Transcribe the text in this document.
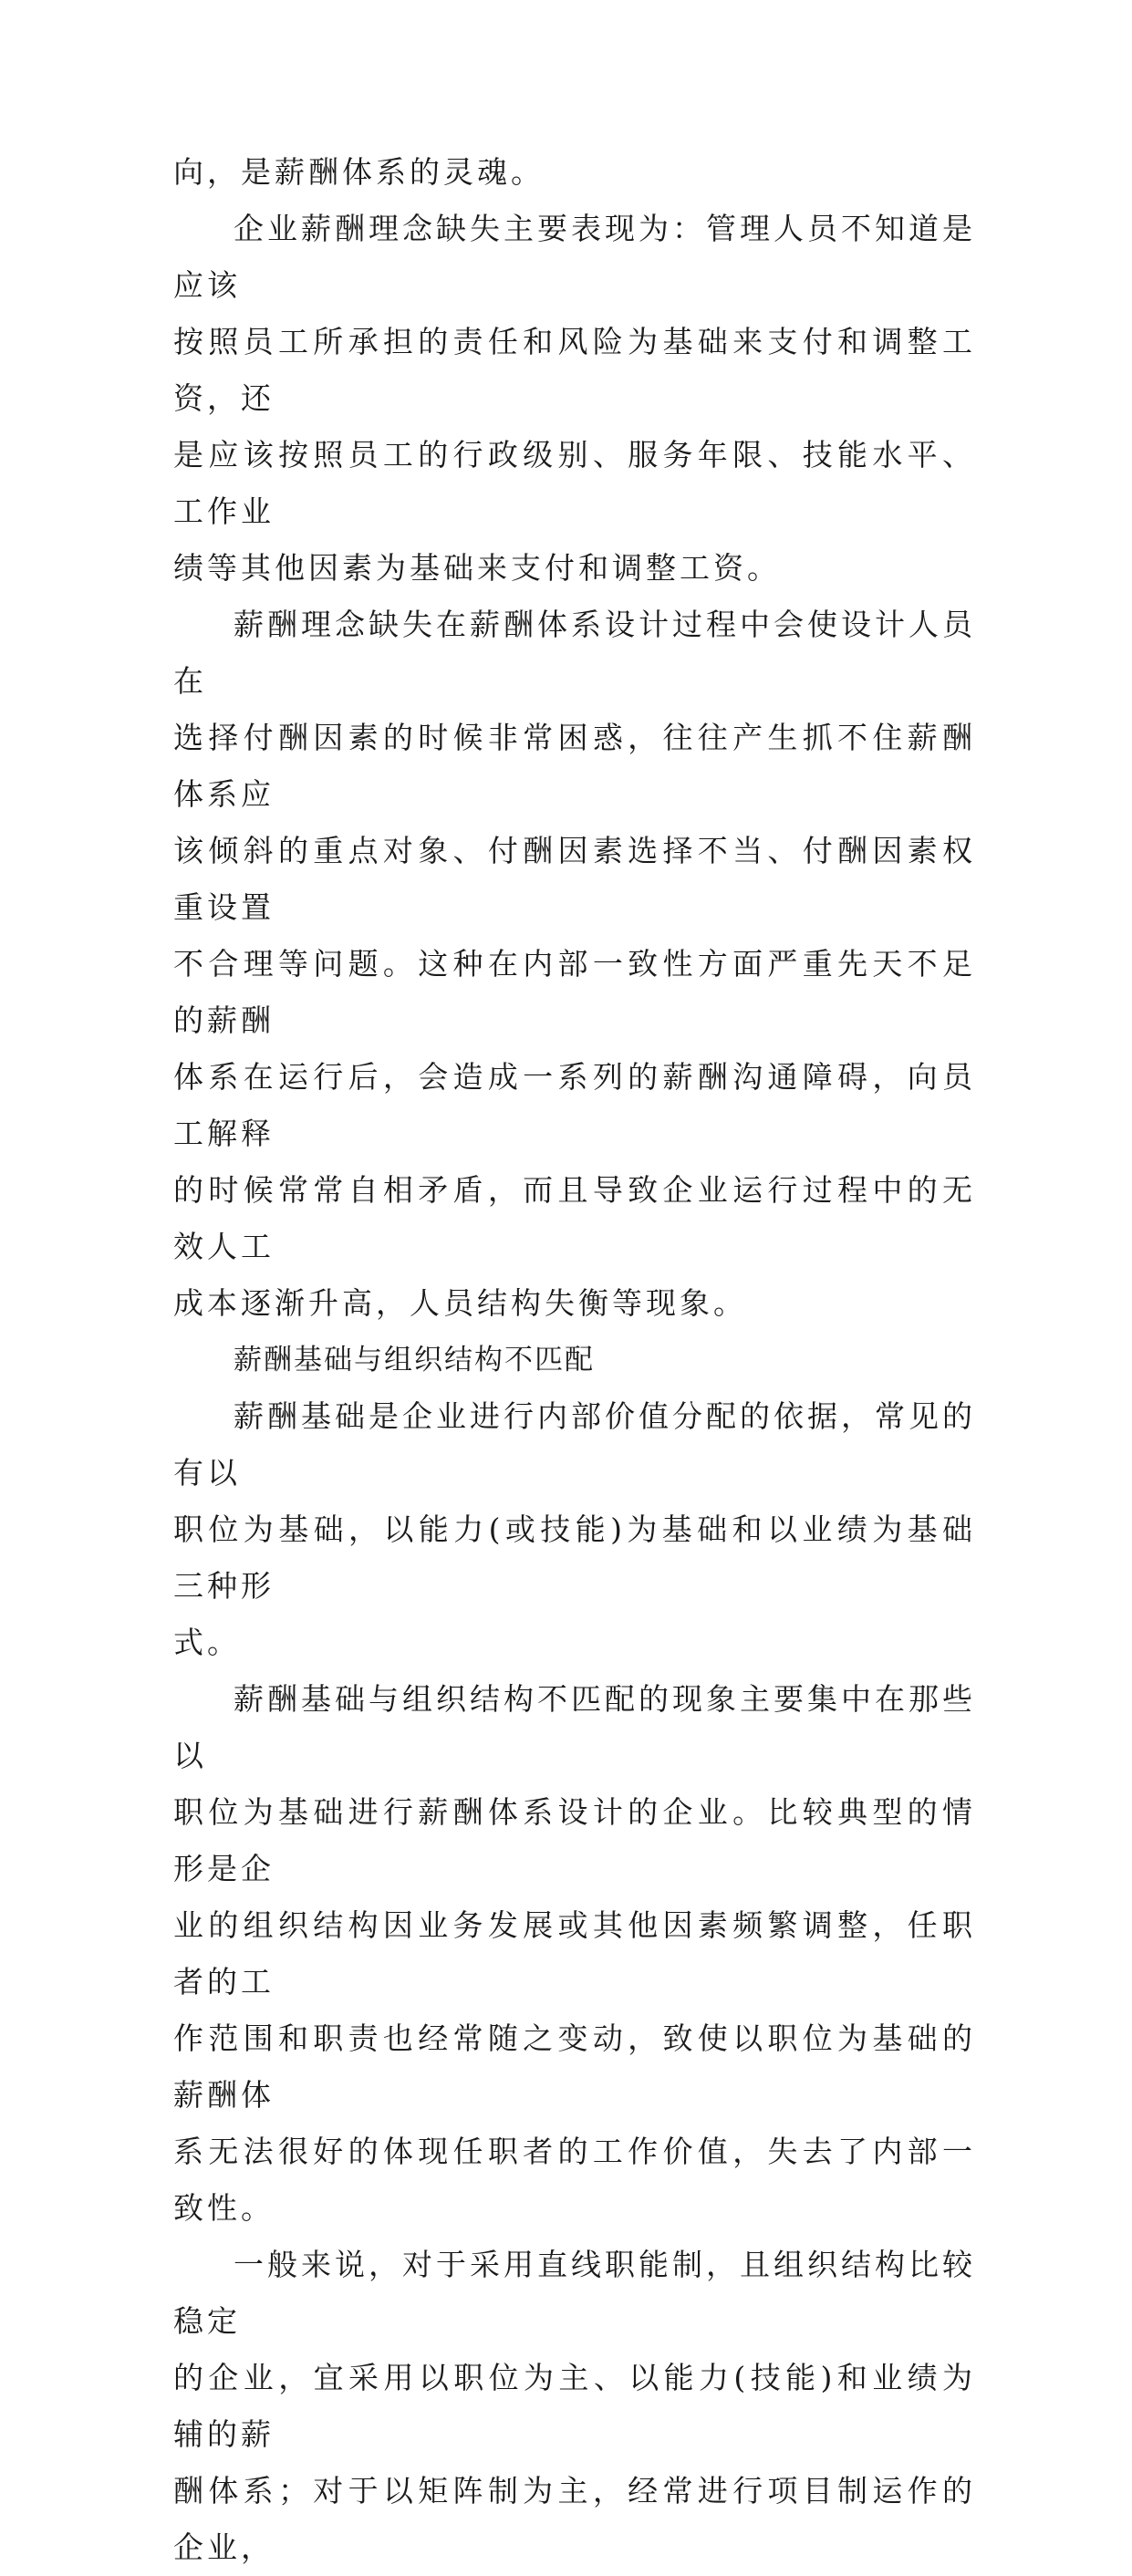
向，是薪酬体系的灵魂。
企业薪酬理念缺失主要表现为：管理人员不知道是应该
按照员工所承担的责任和风险为基础来支付和调整工资，还
是应该按照员工的行政级别、服务年限、技能水平、工作业
绩等其他因素为基础来支付和调整工资。
薪酬理念缺失在薪酬体系设计过程中会使设计人员在
选择付酬因素的时候非常困惑，往往产生抓不住薪酬体系应
该倾斜的重点对象、付酬因素选择不当、付酬因素权重设置
不合理等问题。这种在内部一致性方面严重先天不足的薪酬
体系在运行后，会造成一系列的薪酬沟通障碍，向员工解释
的时候常常自相矛盾，而且导致企业运行过程中的无效人工
成本逐渐升高，人员结构失衡等现象。
薪酬基础与组织结构不匹配
薪酬基础是企业进行内部价值分配的依据，常见的有以
职位为基础，以能力(或技能)为基础和以业绩为基础三种形
式。
薪酬基础与组织结构不匹配的现象主要集中在那些以
职位为基础进行薪酬体系设计的企业。比较典型的情形是企
业的组织结构因业务发展或其他因素频繁调整，任职者的工
作范围和职责也经常随之变动，致使以职位为基础的薪酬体
系无法很好的体现任职者的工作价值，失去了内部一致性。
一般来说，对于采用直线职能制，且组织结构比较稳定
的企业，宜采用以职位为主、以能力(技能)和业绩为辅的薪
酬体系；对于以矩阵制为主，经常进行项目制运作的企业，
